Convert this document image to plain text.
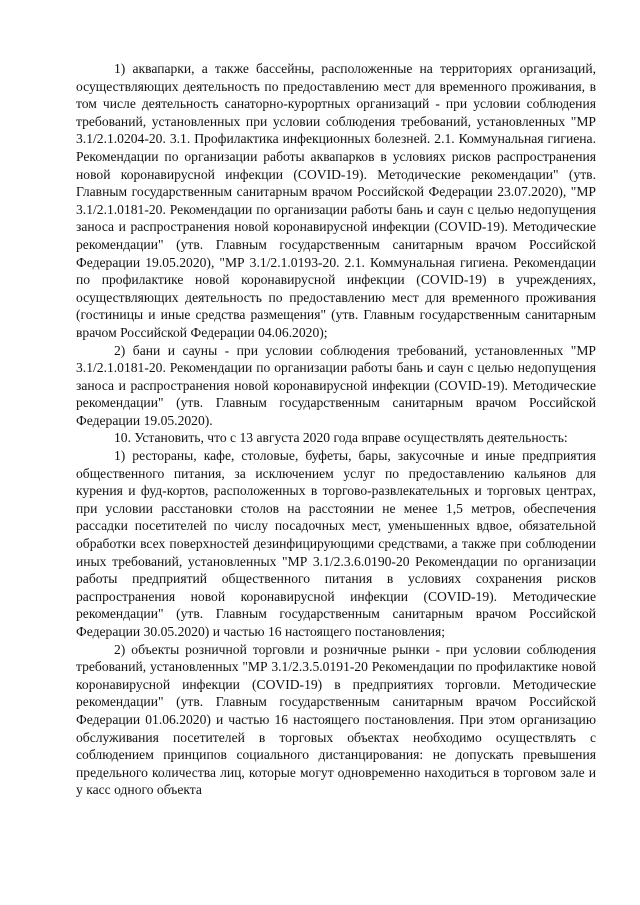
1) аквапарки, а также бассейны, расположенные на территориях организаций, осуществляющих деятельность по предоставлению мест для временного проживания, в том числе деятельность санаторно-курортных организаций - при условии соблюдения требований, установленных при условии соблюдения требований, установленных "МР 3.1/2.1.0204-20. 3.1. Профилактика инфекционных болезней. 2.1. Коммунальная гигиена. Рекомендации по организации работы аквапарков в условиях рисков распространения новой коронавирусной инфекции (COVID-19). Методические рекомендации" (утв. Главным государственным санитарным врачом Российской Федерации 23.07.2020), "МР 3.1/2.1.0181-20. Рекомендации по организации работы бань и саун с целью недопущения заноса и распространения новой коронавирусной инфекции (COVID-19). Методические рекомендации" (утв. Главным государственным санитарным врачом Российской Федерации 19.05.2020), "МР 3.1/2.1.0193-20. 2.1. Коммунальная гигиена. Рекомендации по профилактике новой коронавирусной инфекции (COVID-19) в учреждениях, осуществляющих деятельность по предоставлению мест для временного проживания (гостиницы и иные средства размещения" (утв. Главным государственным санитарным врачом Российской Федерации 04.06.2020);

2) бани и сауны - при условии соблюдения требований, установленных "МР 3.1/2.1.0181-20. Рекомендации по организации работы бань и саун с целью недопущения заноса и распространения новой коронавирусной инфекции (COVID-19). Методические рекомендации" (утв. Главным государственным санитарным врачом Российской Федерации 19.05.2020).

10. Установить, что с 13 августа 2020 года вправе осуществлять деятельность:

1) рестораны, кафе, столовые, буфеты, бары, закусочные и иные предприятия общественного питания, за исключением услуг по предоставлению кальянов для курения и фуд-кортов, расположенных в торгово-развлекательных и торговых центрах, при условии расстановки столов на расстоянии не менее 1,5 метров, обеспечения рассадки посетителей по числу посадочных мест, уменьшенных вдвое, обязательной обработки всех поверхностей дезинфицирующими средствами, а также при соблюдении иных требований, установленных "МР 3.1/2.3.6.0190-20 Рекомендации по организации работы предприятий общественного питания в условиях сохранения рисков распространения новой коронавирусной инфекции (COVID-19). Методические рекомендации" (утв. Главным государственным санитарным врачом Российской Федерации 30.05.2020) и частью 16 настоящего постановления;

2) объекты розничной торговли и розничные рынки - при условии соблюдения требований, установленных "МР 3.1/2.3.5.0191-20 Рекомендации по профилактике новой коронавирусной инфекции (COVID-19) в предприятиях торговли. Методические рекомендации" (утв. Главным государственным санитарным врачом Российской Федерации 01.06.2020) и частью 16 настоящего постановления. При этом организацию обслуживания посетителей в торговых объектах необходимо осуществлять с соблюдением принципов социального дистанцирования: не допускать превышения предельного количества лиц, которые могут одновременно находиться в торговом зале и у касс одного объекта
